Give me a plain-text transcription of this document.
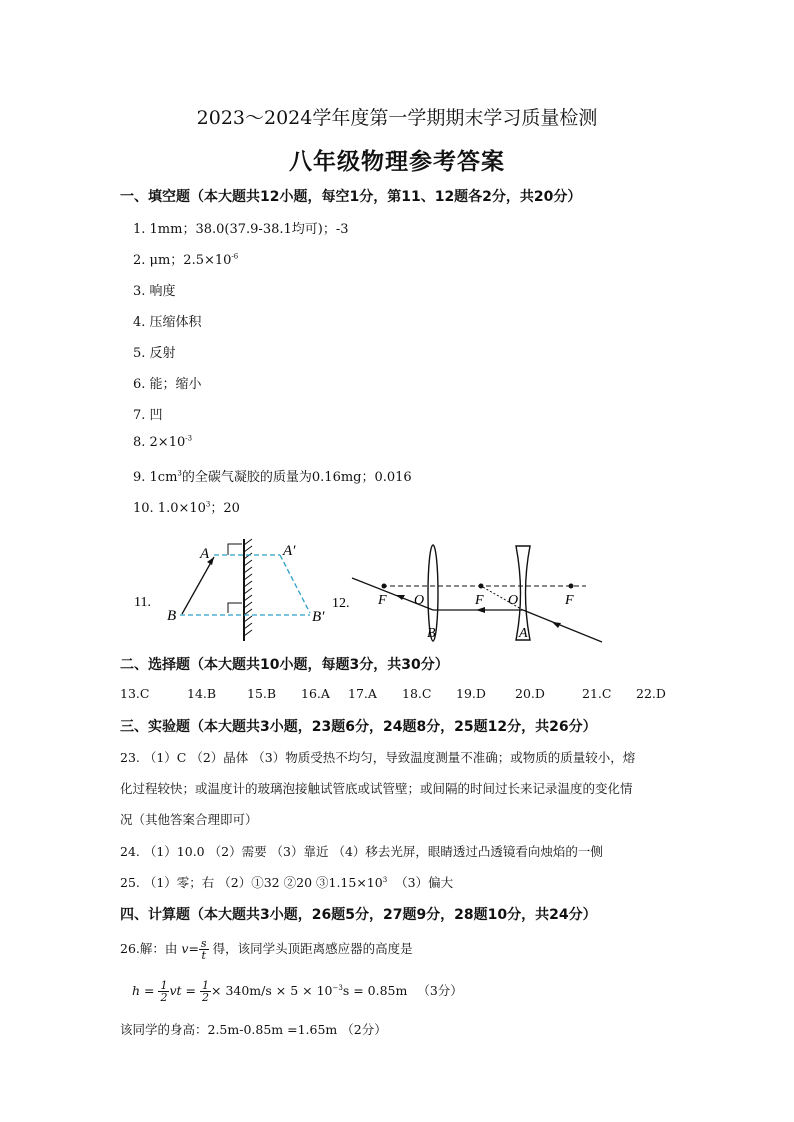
2023～2024学年度第一学期期末学习质量检测
八年级物理参考答案
一、填空题（本大题共12小题，每空1分，第11、12题各2分，共20分）
1. 1mm；38.0(37.9-38.1均可)；-3
2. μm；$2.5\times 10^{-6}$
3. 响度
4. 压缩体积
5. 反射
6. 能；缩小
7. 凹
8. $2\times 10^{-3}$
9. $1cm^3$的全碳气凝胶的质量为0.16mg；0.016
10. $1.0\times 10^3$；20
11.
A	A′
B	B′
12. F O	F O	F
B	A
二、选择题（本大题共10小题，每题3分，共30分）
13.C	14.B 15.B 16.A 17.A 18.C 19.D 20.D	21.C 22.D
三、实验题（本大题共3小题，23题6分，24题8分，25题12分，共26分）
23. （1）C （2）晶体 （3）物质受热不均匀，导致温度测量不准确；或物质的质量较小，熔
化过程较快；或温度计的玻璃泡接触试管底或试管壁；或间隔的时间过长来记录温度的变化情
况（其他答案合理即可）
24. （1）10.0 （2）需要 （3）靠近 （4）移去光屏，眼睛透过凸透镜看向烛焰的一侧
25. （1）零；右 （2）①32 ②20 $③1.15\times 10^3$ （3）偏大
四、计算题（本大题共3小题，26题5分，27题9分，28题10分，共24分）
26.解：由 $v= \frac{s}{t}$ 得，该同学头顶距离感应器的高度是
$h = \frac{1}{2}$ vt = $\frac{1}{2} \times 340m/s \times 5 \times 10^{-3}s = 0.85m$ （3分）
该同学的身高：2.5m-0.85m =1.65m （2分）
